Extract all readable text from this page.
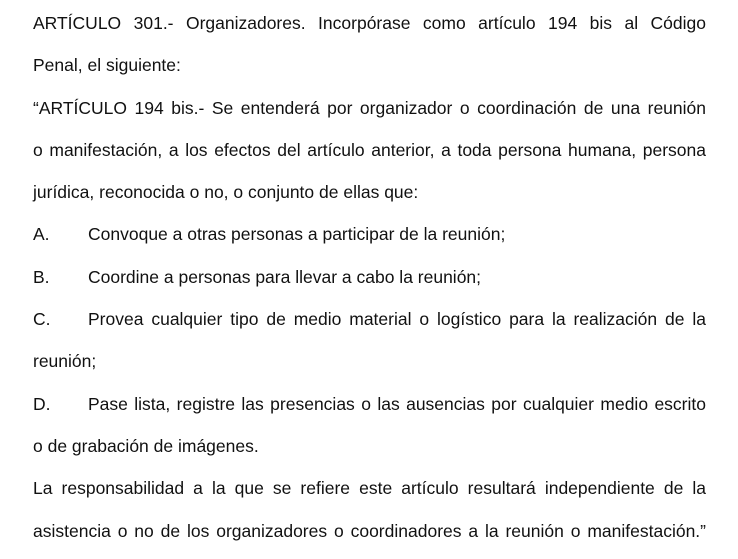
ARTÍCULO 301.- Organizadores. Incorpórase como artículo 194 bis al Código
Penal, el siguiente:
“ARTÍCULO 194 bis.- Se entenderá por organizador o coordinación de una reunión
o manifestación, a los efectos del artículo anterior, a toda persona humana, persona
jurídica, reconocida o no, o conjunto de ellas que:
A.	Convoque a otras personas a participar de la reunión;
B.	Coordine a personas para llevar a cabo la reunión;
C.	Provea cualquier tipo de medio material o logístico para la realización de la
reunión;
D.	Pase lista, registre las presencias o las ausencias por cualquier medio escrito
o de grabación de imágenes.
La responsabilidad a la que se refiere este artículo resultará independiente de la
asistencia o no de los organizadores o coordinadores a la reunión o manifestación.”
